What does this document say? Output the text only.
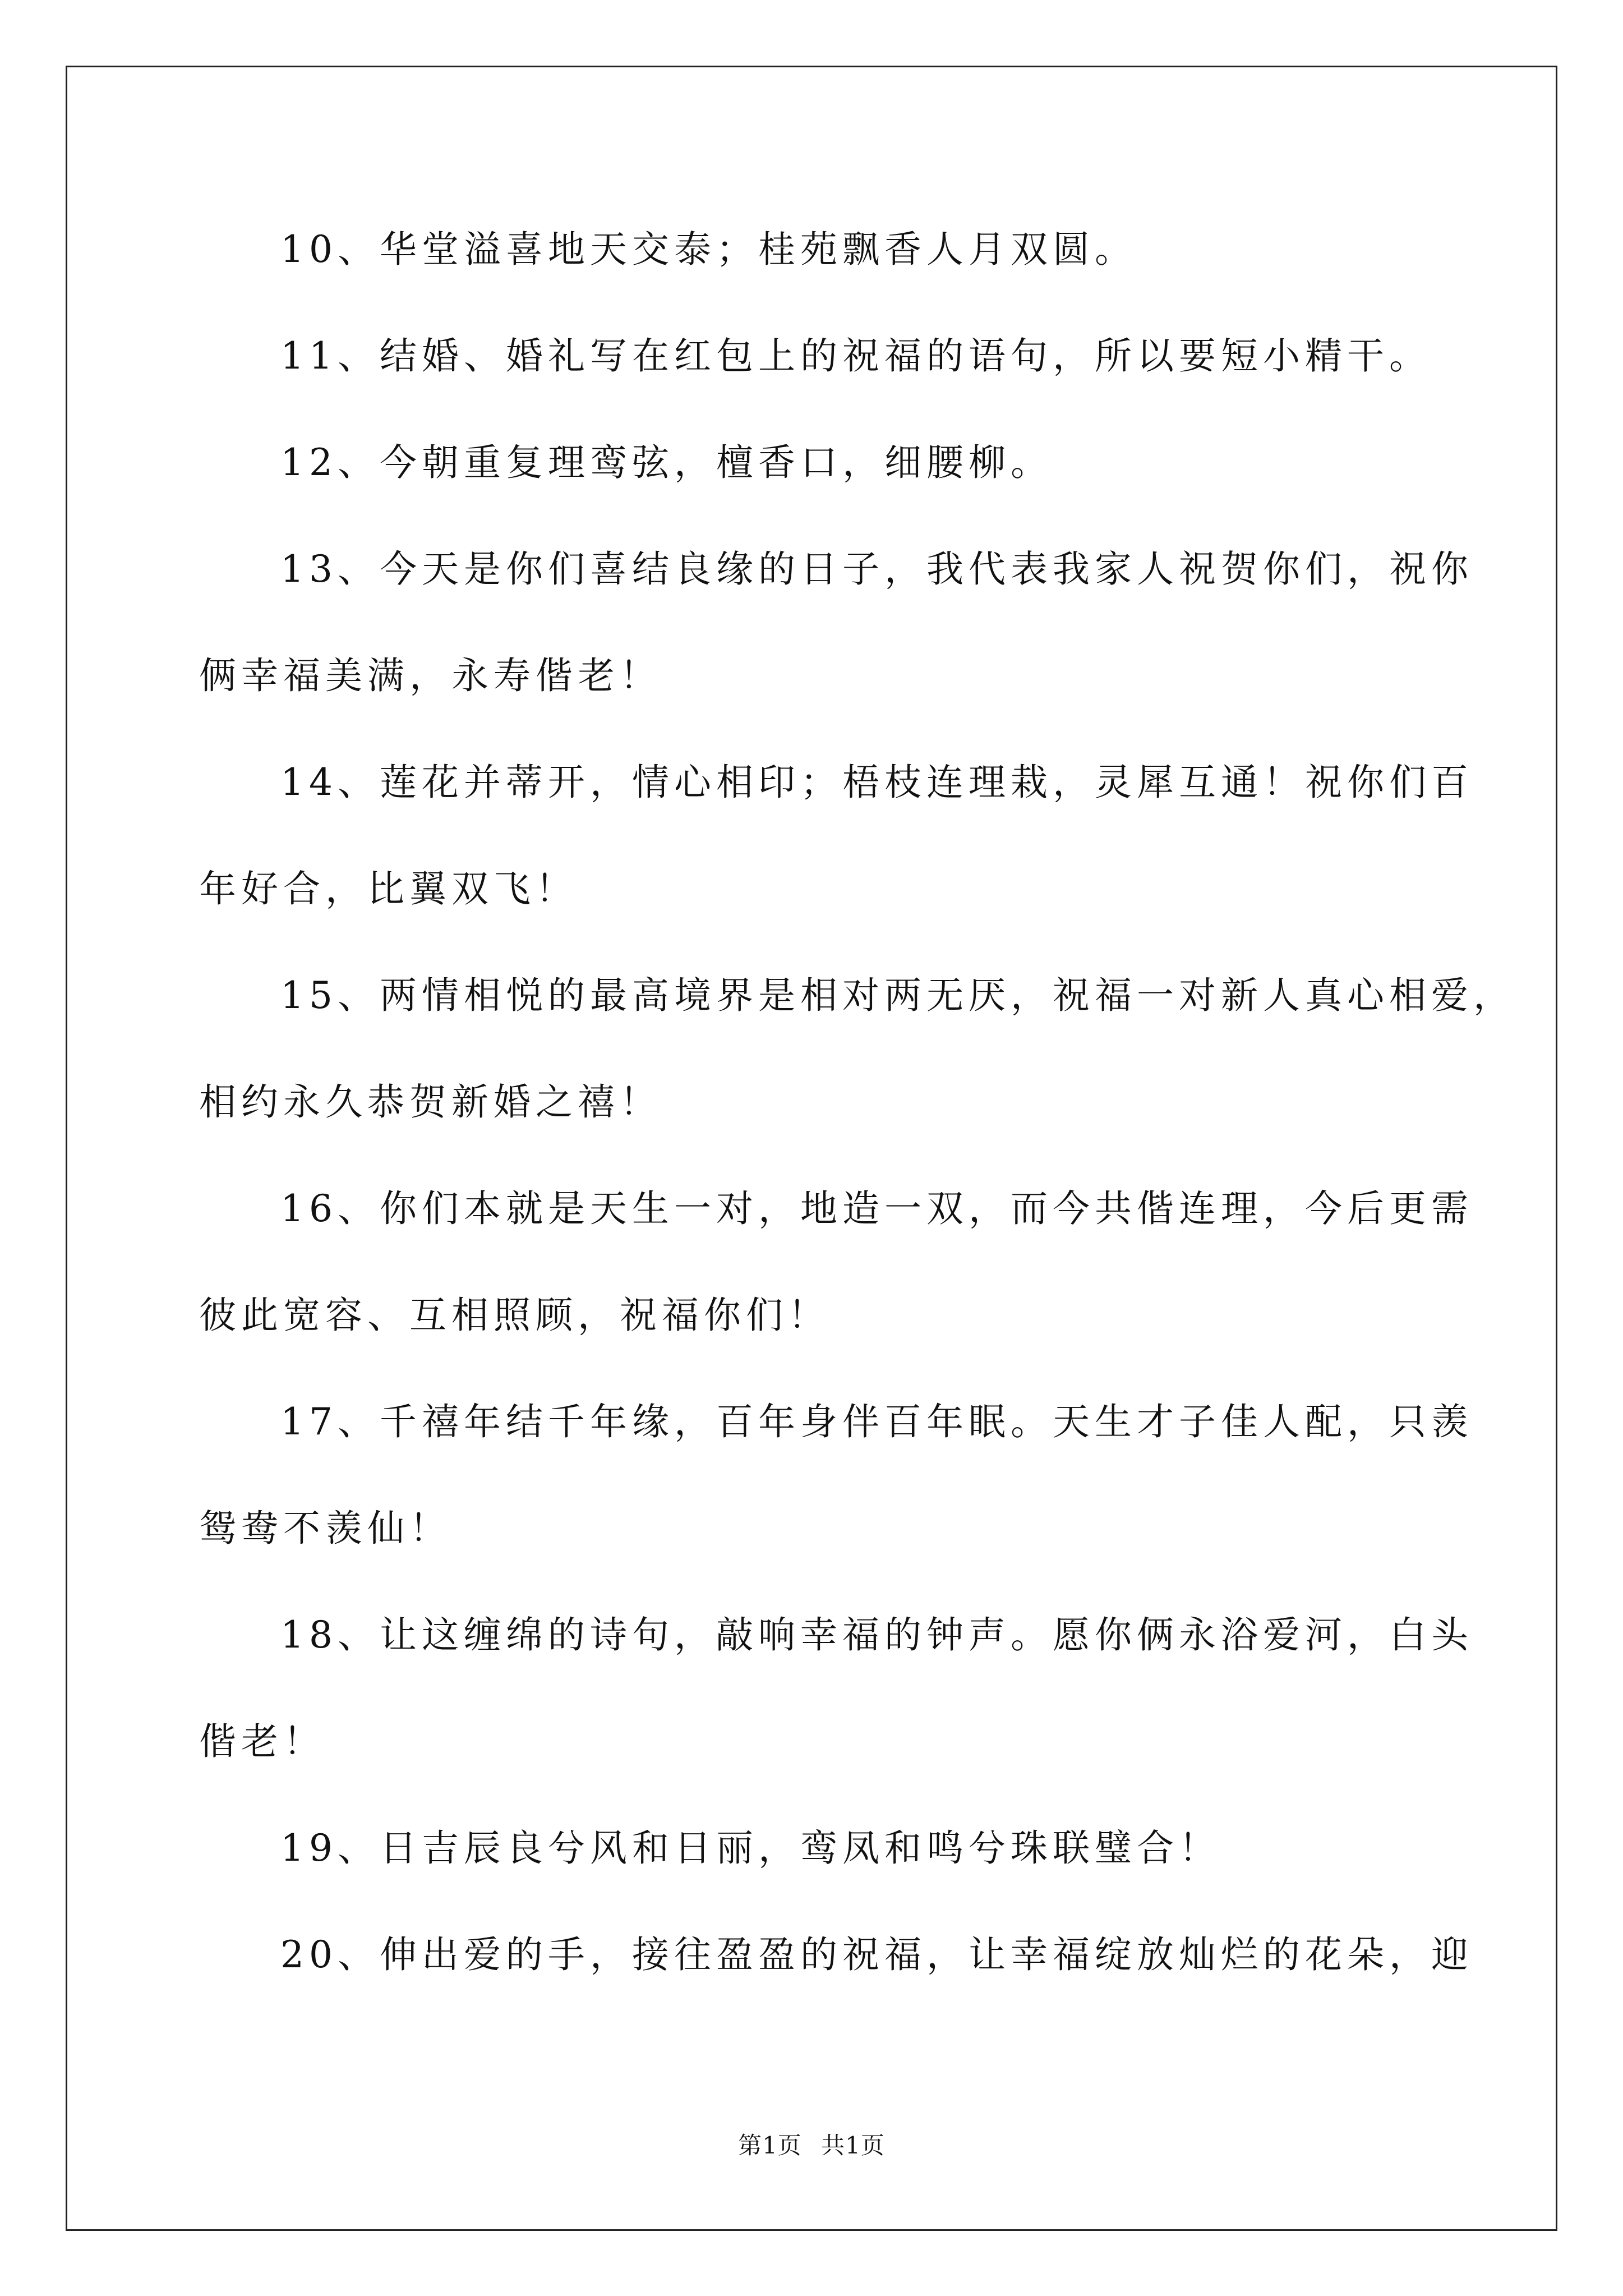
10、华堂溢喜地天交泰；桂苑飘香人月双圆。
11、结婚、婚礼写在红包上的祝福的语句，所以要短小精干。
12、今朝重复理鸾弦，檀香口，细腰柳。
13、今天是你们喜结良缘的日子，我代表我家人祝贺你们，祝你
俩幸福美满，永寿偕老！
14、莲花并蒂开，情心相印；梧枝连理栽，灵犀互通！祝你们百
年好合，比翼双飞！
15、两情相悦的最高境界是相对两无厌，祝福一对新人真心相爱，
相约永久恭贺新婚之禧！
16、你们本就是天生一对，地造一双，而今共偕连理，今后更需
彼此宽容、互相照顾，祝福你们！
17、千禧年结千年缘，百年身伴百年眠。天生才子佳人配，只羡
鸳鸯不羡仙！
18、让这缠绵的诗句，敲响幸福的钟声。愿你俩永浴爱河，白头
偕老！
19、日吉辰良兮风和日丽，鸾凤和鸣兮珠联璧合！
20、伸出爱的手，接往盈盈的祝福，让幸福绽放灿烂的花朵，迎
第1页 共1页
